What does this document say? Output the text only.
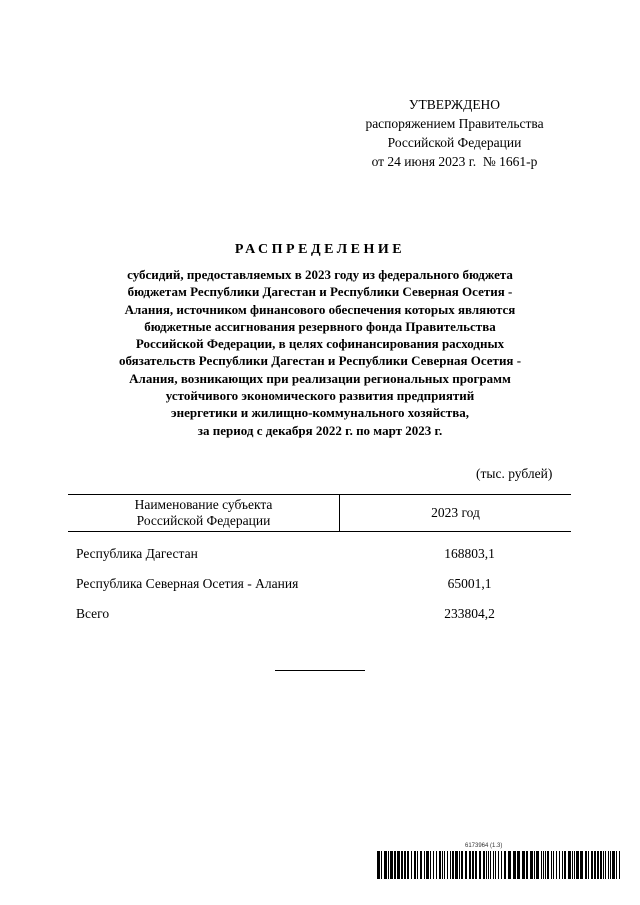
УТВЕРЖДЕНО
распоряжением Правительства
Российской Федерации
от 24 июня 2023 г.  № 1661-р
РАСПРЕДЕЛЕНИЕ
субсидий, предоставляемых в 2023 году из федерального бюджета
бюджетам Республики Дагестан и Республики Северная Осетия -
Алания, источником финансового обеспечения которых являются
бюджетные ассигнования резервного фонда Правительства
Российской Федерации, в целях софинансирования расходных
обязательств Республики Дагестан и Республики Северная Осетия -
Алания, возникающих при реализации региональных программ
устойчивого экономического развития предприятий
энергетики и жилищно-коммунального хозяйства,
за период с декабря 2022 г. по март 2023 г.
(тыс. рублей)
Наименование субъекта
Российской Федерации
2023 год
Республика Дагестан	168803,1
Республика Северная Осетия - Алания	65001,1
Всего	233804,2
6173964 (1.3)
